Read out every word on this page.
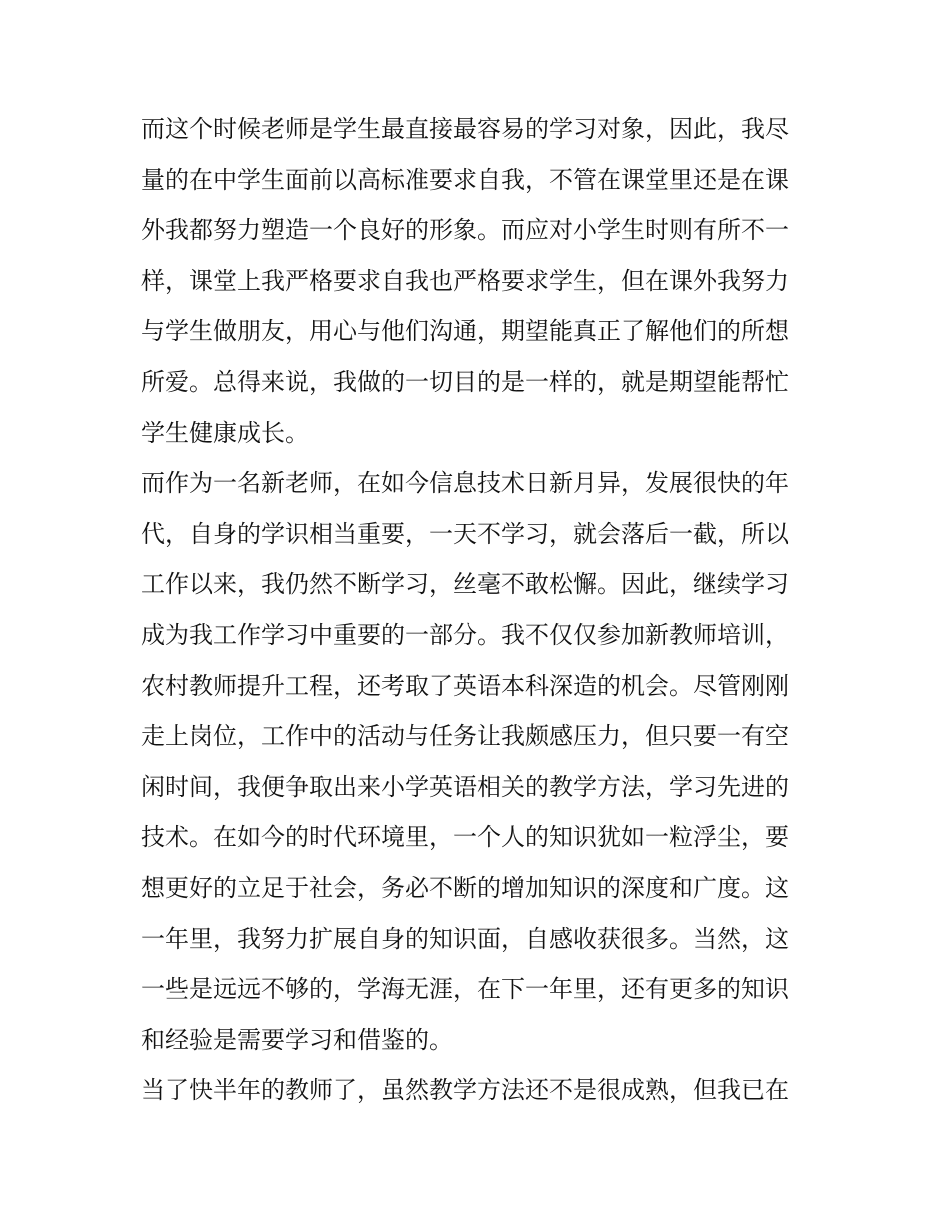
而这个时候老师是学生最直接最容易的学习对象，因此，我尽
量的在中学生面前以高标准要求自我，不管在课堂里还是在课
外我都努力塑造一个良好的形象。而应对小学生时则有所不一
样，课堂上我严格要求自我也严格要求学生，但在课外我努力
与学生做朋友，用心与他们沟通，期望能真正了解他们的所想
所爱。总得来说，我做的一切目的是一样的，就是期望能帮忙
学生健康成长。
而作为一名新老师，在如今信息技术日新月异，发展很快的年
代，自身的学识相当重要，一天不学习，就会落后一截，所以
工作以来，我仍然不断学习，丝毫不敢松懈。因此，继续学习
成为我工作学习中重要的一部分。我不仅仅参加新教师培训，
农村教师提升工程，还考取了英语本科深造的机会。尽管刚刚
走上岗位，工作中的活动与任务让我颇感压力，但只要一有空
闲时间，我便争取出来小学英语相关的教学方法，学习先进的
技术。在如今的时代环境里，一个人的知识犹如一粒浮尘，要
想更好的立足于社会，务必不断的增加知识的深度和广度。这
一年里，我努力扩展自身的知识面，自感收获很多。当然，这
一些是远远不够的，学海无涯，在下一年里，还有更多的知识
和经验是需要学习和借鉴的。
当了快半年的教师了，虽然教学方法还不是很成熟，但我已在
